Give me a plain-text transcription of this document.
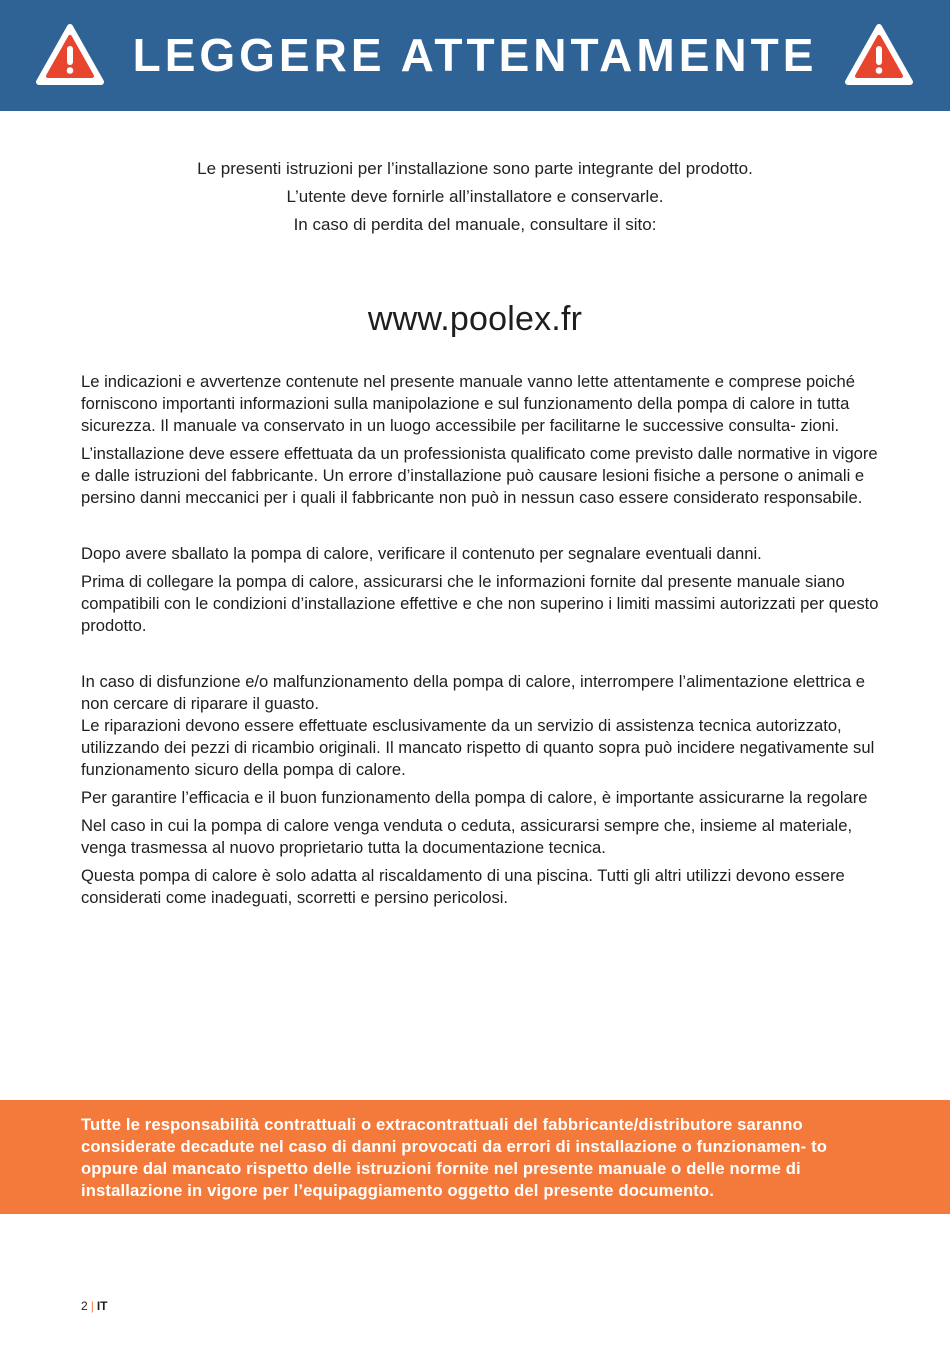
LEGGERE ATTENTAMENTE
Le presenti istruzioni per l’installazione sono parte integrante del prodotto.
L’utente deve fornirle all’installatore e conservarle.
In caso di perdita del manuale, consultare il sito:
www.poolex.fr

Le indicazioni e avvertenze contenute nel presente manuale vanno lette attentamente e comprese poiché forniscono importanti informazioni sulla manipolazione e sul funzionamento della pompa di calore in tutta sicurezza. Il manuale va conservato in un luogo accessibile per facilitarne le successive consulta- zioni.

L’installazione deve essere effettuata da un professionista qualificato come previsto dalle normative in vigore e dalle istruzioni del fabbricante. Un errore d’installazione può causare lesioni fisiche a persone o animali e persino danni meccanici per i quali il fabbricante non può in nessun caso essere considerato responsabile.

Dopo avere sballato la pompa di calore, verificare il contenuto per segnalare eventuali danni.

Prima di collegare la pompa di calore, assicurarsi che le informazioni fornite dal presente manuale siano compatibili con le condizioni d’installazione effettive e che non superino i limiti massimi autorizzati per questo prodotto.

In caso di disfunzione e/o malfunzionamento della pompa di calore, interrompere l’alimentazione elettrica e non cercare di riparare il guasto.

Le riparazioni devono essere effettuate esclusivamente da un servizio di assistenza tecnica autorizzato, utilizzando dei pezzi di ricambio originali. Il mancato rispetto di quanto sopra può incidere negativamente sul funzionamento sicuro della pompa di calore.

Per garantire l’efficacia e il buon funzionamento della pompa di calore, è importante assicurarne la regolare

Nel caso in cui la pompa di calore venga venduta o ceduta, assicurarsi sempre che, insieme al materiale, venga trasmessa al nuovo proprietario tutta la documentazione tecnica.

Questa pompa di calore è solo adatta al riscaldamento di una piscina. Tutti gli altri utilizzi devono essere considerati come inadeguati, scorretti e persino pericolosi.

Tutte le responsabilità contrattuali o extracontrattuali del fabbricante/distributore saranno considerate decadute nel caso di danni provocati da errori di installazione o funzionamen- to oppure dal mancato rispetto delle istruzioni fornite nel presente manuale o delle norme di installazione in vigore per l’equipaggiamento oggetto del presente documento.
2 | IT
